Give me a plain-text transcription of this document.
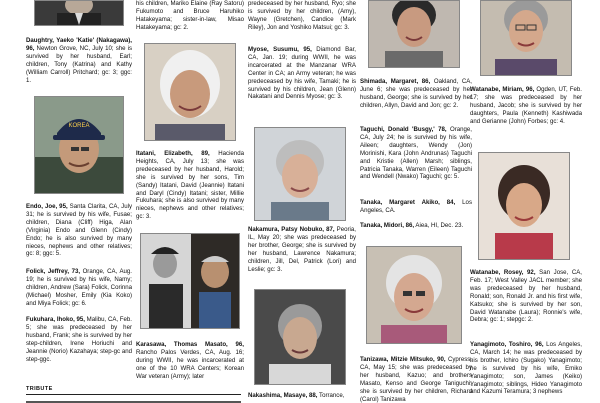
Daughtry, Yaeko 'Katie' (Nakagawa), 96, Newton Grove, NC, July 10; she is survived by her husband, Earl; children, Tony (Katrina) and Kathy (William Carroll) Pritchard; gc: 3; ggc: 1.
KOREA
Endo, Joe, 95, Santa Clarita, CA, July 31; he is survived by his wife, Fusae; children, Diana (Cliff) Higa, Alan (Virginia) Endo and Glenn (Cindy) Endo; he is also survived by many nieces, nephews and other relatives; gc: 8; ggc: 5.
Folick, Jeffrey, 73, Orange, CA, Aug. 19; he is survived by his wife, Namy; children, Andrew (Sara) Folick, Corinna (Michael) Mosher, Emily (Kia Koko) and Miya Folick; gc: 6.
Fukuhara, Ihoko, 95, Malibu, CA, Feb. 5; she was predeceased by her husband, Frank; she is survived by her step-children, Irene Horiuchi and Jeannie (Norio) Kazahaya; step-gc and step-ggc.
TRIBUTE
his children, Mariko Elaine (Ray Satoru) Fukumoto and Bruce Haruhiko Hatakeyama; sister-in-law, Misao Hatakeyama; gc: 2.
Itatani, Elizabeth, 89, Hacienda Heights, CA, July 13; she was predeceased by her husband, Harold; she is survived by her sons, Tim (Sandy) Itatani, David (Jeannie) Itatani and Daryl (Cindy) Itatani; sister, Millie Fukuhara; she is also survived by many nieces, nephews and other relatives; gc: 3.
Karasawa, Thomas Masato, 96, Rancho Palos Verdes, CA, Aug. 16; during WWII, he was incarcerated at one of the 10 WRA Centers; Korean War veteran (Army); later
predeceased by her husband, Ryo; she is survived by her children, (Amy), Wayne (Gretchen), Candice (Mark Riley), Jon and Yoshiko Matsui; gc: 3.
Myose, Susumu, 95, Diamond Bar, CA, Jan. 19; during WWII, he was incarcerated at the Manzanar WRA Center in CA; an Army veteran; he was predeceased by his wife, Tamaki; he is survived by his children, Jean (Glenn) Nakatani and Dennis Myose; gc: 3.
Nakamura, Patsy Nobuko, 87, Peoria, IL, May 20; she was predeceased by her brother, George; she is survived by her husband, Lawrence Nakamura; children, Jill, Del, Patrick (Lori) and Leslie; gc: 3.
Nakashima, Masaye, 88, Torrance,
Shimada, Margaret, 86, Oakland, CA, June 6; she was predeceased by her husband, George; she is survived by her children, Allyn, David and Jon; gc: 2.
Taguchi, Donald 'Busgy,' 78, Orange, CA, July 24; he is survived by his wife, Aileen; daughters, Wendy (Jon) Morinishi, Kara (John Andrunas) Taguchi and Kristie (Allen) Marsh; siblings, Patricia Tanaka, Warren (Eileen) Taguchi and Wendell (Nwako) Taguchi; gc: 5.
Tanaka, Margaret Akiko, 84, Los Angeles, CA.
Tanaka, Midori, 86, Aiea, HI, Dec. 23.
Tanizawa, Mitzie Mitsuko, 90, Cypress, CA, May 15; she was predeceased by her husband, Kazuo; and brothers Masato, Kenso and George Taniguchi; she is survived by her children, Richard (Carol) Tanizawa
Watanabe, Miriam, 96, Ogden, UT, Feb. 17; she was predeceased by her husband, Jacob; she is survived by her daughters, Paula (Kenneth) Kashiwada and Gerianne (John) Forbes; gc: 4.
Watanabe, Rosey, 92, San Jose, CA, Feb. 17; West Valley JACL member; she was predeceased by her husband, Ronald; son, Ronald Jr. and his first wife, Katsuko; she is survived by her son, David Watanabe (Laura); Ronnie's wife, Debra; gc: 1; stepgc: 2.
Yanagimoto, Toshiro, 96, Los Angeles, CA, March 14; he was predeceased by his brother, Ichiro (Sugako) Yanagimoto; he is survived by his wife, Emiko Yanagimoto; son, James (Keiko) Yanagimoto; siblings, Hideo Yanagimoto and Kazumi Teramura; 3 nephews
